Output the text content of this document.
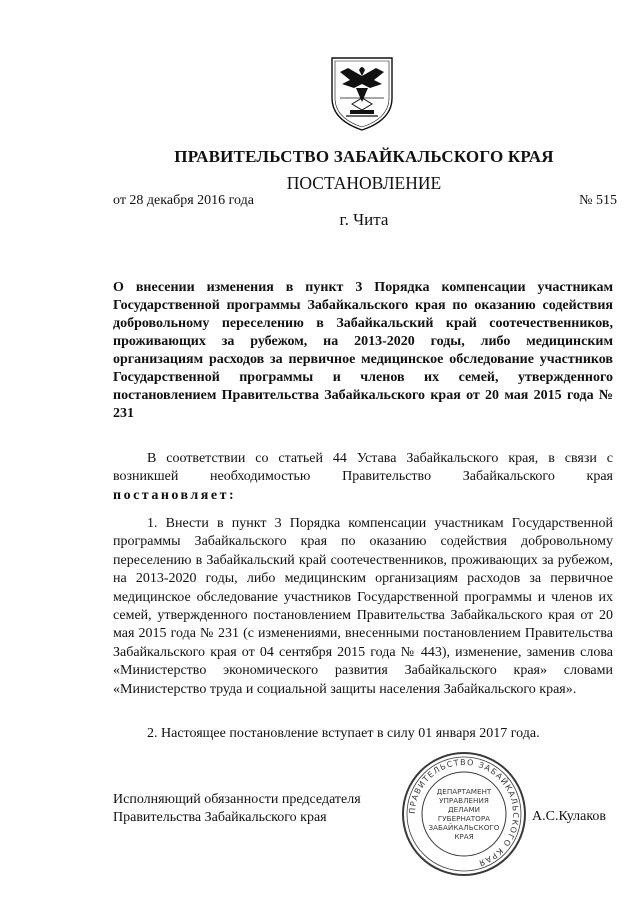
ПРАВИТЕЛЬСТВО ЗАБАЙКАЛЬСКОГО КРАЯ
ПОСТАНОВЛЕНИЕ
от 28 декабря 2016 года	№ 515
г. Чита
О внесении изменения в пункт 3 Порядка компенсации участникам Государственной программы Забайкальского края по оказанию содействия добровольному переселению в Забайкальский край соотечественников, проживающих за рубежом, на 2013-2020 годы, либо медицинским организациям расходов за первичное медицинское обследование участников Государственной программы и членов их семей, утвержденного постановлением Правительства Забайкальского края от 20 мая 2015 года № 231
В соответствии со статьей 44 Устава Забайкальского края, в связи с возникшей необходимостью Правительство Забайкальского края постановляет:
1. Внести в пункт 3 Порядка компенсации участникам Государственной программы Забайкальского края по оказанию содействия добровольному переселению в Забайкальский край соотечественников, проживающих за рубежом, на 2013-2020 годы, либо медицинским организациям расходов за первичное медицинское обследование участников Государственной программы и членов их семей, утвержденного постановлением Правительства Забайкальского края от 20 мая 2015 года № 231 (с изменениями, внесенными постановлением Правительства Забайкальского края от 04 сентября 2015 года № 443), изменение, заменив слова «Министерство экономического развития Забайкальского края» словами «Министерство труда и социальной защиты населения Забайкальского края».
2. Настоящее постановление вступает в силу 01 января 2017 года.
Исполняющий обязанности председателя
Правительства Забайкальского края	А.С.Кулаков
ПРАВИТЕЛЬСТВО ЗАБАЙКАЛЬСКОГО КРАЯ
ДЕПАРТАМЕНТ
УПРАВЛЕНИЯ
ДЕЛАМИ
ГУБЕРНАТОРА
ЗАБАЙКАЛЬСКОГО
КРАЯ
